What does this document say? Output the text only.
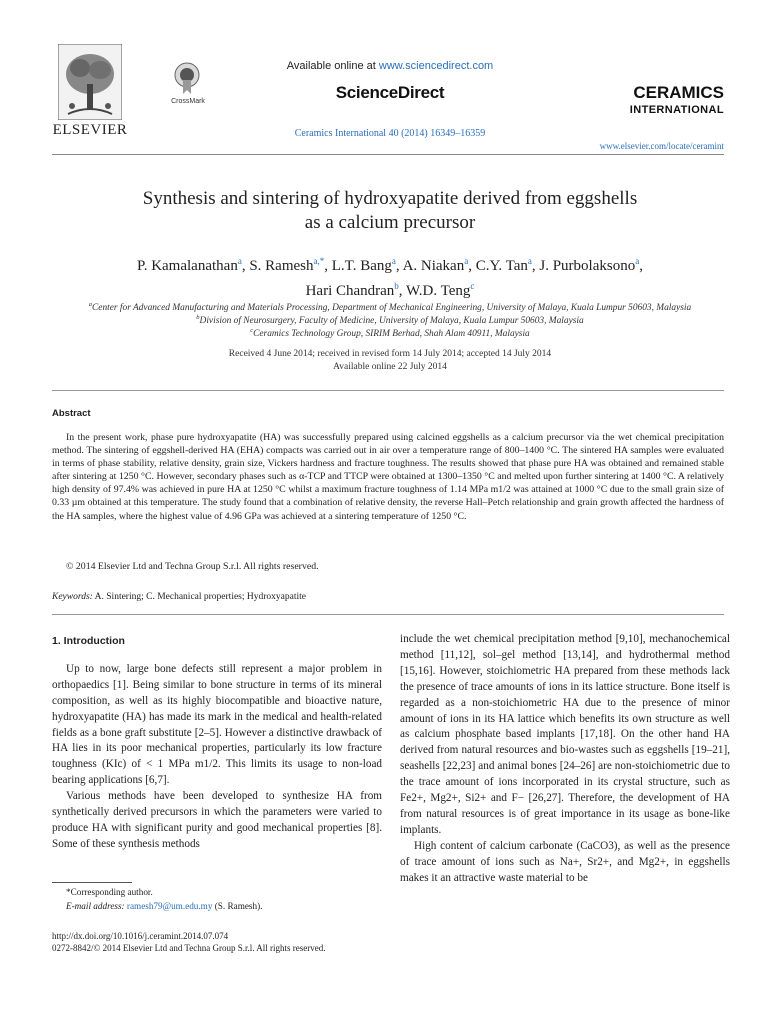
ELSEVIER
CrossMark
Available online at www.sciencedirect.com
ScienceDirect
Ceramics International 40 (2014) 16349–16359
CERAMICS
INTERNATIONAL
www.elsevier.com/locate/ceramint
Synthesis and sintering of hydroxyapatite derived from eggshells
as a calcium precursor
P. Kamalanathan$^a$, S. Ramesh$^{a,*}$, L.T. Bang$^a$, A. Niakan$^a$, C.Y. Tan$^a$, J. Purbolaksono$^a$,
Hari Chandran$^b$, W.D. Teng$^c$
$^a$Center for Advanced Manufacturing and Materials Processing, Department of Mechanical Engineering, University of Malaya, Kuala Lumpur 50603, Malaysia
$^b$Division of Neurosurgery, Faculty of Medicine, University of Malaya, Kuala Lumpur 50603, Malaysia
$^c$Ceramics Technology Group, SIRIM Berhad, Shah Alam 40911, Malaysia
Received 4 June 2014; received in revised form 14 July 2014; accepted 14 July 2014
Available online 22 July 2014
Abstract
In the present work, phase pure hydroxyapatite (HA) was successfully prepared using calcined eggshells as a calcium precursor via the wet chemical precipitation method. The sintering of eggshell-derived HA (EHA) compacts was carried out in air over a temperature range of 800–1400 °C. The sintered HA samples were evaluated in terms of phase stability, relative density, grain size, Vickers hardness and fracture toughness. The results showed that phase pure HA was obtained and remained stable after sintering at 1250 °C. However, secondary phases such as α-TCP and TTCP were obtained at 1300–1350 °C and melted upon further sintering at 1400 °C. A relatively high density of 97.4% was achieved in pure HA at 1250 °C whilst a maximum fracture toughness of 1.14 MPa m1/2 was attained at 1000 °C due to the small grain size of 0.33 µm obtained at this temperature. The study found that a combination of relative density, the reverse Hall–Petch relationship and grain growth affected the hardness of the HA samples, where the highest value of 4.96 GPa was achieved at a sintering temperature of 1250 °C.
© 2014 Elsevier Ltd and Techna Group S.r.l. All rights reserved.
Keywords: A. Sintering; C. Mechanical properties; Hydroxyapatite
1. Introduction
Up to now, large bone defects still represent a major problem in orthopaedics [1]. Being similar to bone structure in terms of its mineral composition, as well as its highly biocompatible and bioactive nature, hydroxyapatite (HA) has made its mark in the medical and health-related fields as a bone graft substitute [2–5]. However a distinctive drawback of HA lies in its poor mechanical properties, particularly its low fracture toughness (KIc) of < 1 MPa m1/2. This limits its usage to non-load bearing applications [6,7].
Various methods have been developed to synthesize HA from synthetically derived precursors in which the parameters were varied to produce HA with significant purity and good mechanical properties [8]. Some of these synthesis methods
include the wet chemical precipitation method [9,10], mechanochemical method [11,12], sol–gel method [13,14], and hydrothermal method [15,16]. However, stoichiometric HA prepared from these methods lack the presence of trace amounts of ions in its lattice structure. Bone itself is regarded as a non-stoichiometric HA due to the presence of minor amount of ions in its HA lattice which benefits its own structure as well as calcium phosphate based implants [17,18]. On the other hand HA derived from natural resources and bio-wastes such as eggshells [19–21], seashells [22,23] and animal bones [24–26] are non-stoichiometric due to the trace amount of ions incorporated in its crystal structure, such as Fe2+, Mg2+, Si2+ and F− [26,27]. Therefore, the development of HA from natural resources is of great importance in its usage as bone-like implants.
High content of calcium carbonate (CaCO3), as well as the presence of trace amount of ions such as Na+, Sr2+, and Mg2+, in eggshells makes it an attractive waste material to be
*Corresponding author.
E-mail address: ramesh79@um.edu.my (S. Ramesh).
http://dx.doi.org/10.1016/j.ceramint.2014.07.074
0272-8842/© 2014 Elsevier Ltd and Techna Group S.r.l. All rights reserved.
